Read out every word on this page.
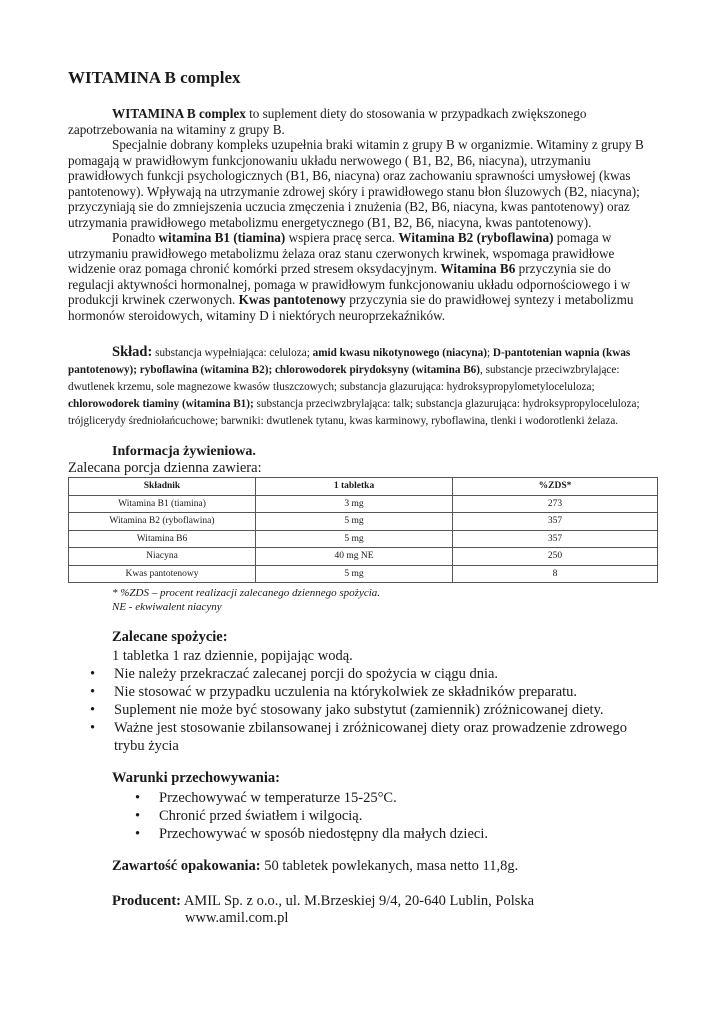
WITAMINA B complex

WITAMINA B complex to suplement diety do stosowania w przypadkach zwiększonego zapotrzebowania na witaminy z grupy B.

Specjalnie dobrany kompleks uzupełnia braki witamin z grupy B w organizmie. Witaminy z grupy B pomagają w prawidłowym funkcjonowaniu układu nerwowego ( B1, B2, B6, niacyna), utrzymaniu prawidłowych funkcji psychologicznych (B1, B6, niacyna) oraz zachowaniu sprawności umysłowej (kwas pantotenowy). Wpływają na utrzymanie zdrowej skóry i prawidłowego stanu błon śluzowych (B2, niacyna); przyczyniają sie do zmniejszenia uczucia zmęczenia i znużenia (B2, B6, niacyna, kwas pantotenowy) oraz utrzymania prawidłowego metabolizmu energetycznego (B1, B2, B6, niacyna, kwas pantotenowy).

Ponadto witamina B1 (tiamina) wspiera pracę serca. Witamina B2 (ryboflawina) pomaga w utrzymaniu prawidłowego metabolizmu żelaza oraz stanu czerwonych krwinek, wspomaga prawidłowe widzenie oraz pomaga chronić komórki przed stresem oksydacyjnym. Witamina B6 przyczynia sie do regulacji aktywności hormonalnej, pomaga w prawidłowym funkcjonowaniu układu odpornościowego i w produkcji krwinek czerwonych. Kwas pantotenowy przyczynia sie do prawidłowej syntezy i metabolizmu hormonów steroidowych, witaminy D i niektórych neuroprzekaźników.

Skład: substancja wypełniająca: celuloza; amid kwasu nikotynowego (niacyna); D-pantotenian wapnia (kwas pantotenowy); ryboflawina (witamina B2); chlorowodorek pirydoksyny (witamina B6), substancje przeciwzbrylające: dwutlenek krzemu, sole magnezowe kwasów tłuszczowych; substancja glazurująca: hydroksypropylometyloceluloza; chlorowodorek tiaminy (witamina B1); substancja przeciwzbrylająca: talk; substancja glazurująca: hydroksypropyloceluloza; trójglicerydy średniołańcuchowe; barwniki: dwutlenek tytanu, kwas karminowy, ryboflawina, tlenki i wodorotlenki żelaza.
Informacja żywieniowa.
Zalecana porcja dzienna zawiera:
Składnik	1 tabletka	%ZDS*
Witamina B1 (tiamina)	3 mg	273
Witamina B2 (ryboflawina)	5 mg	357
Witamina B6	5 mg	357
Niacyna	40 mg NE	250
Kwas pantotenowy	5 mg	8
* %ZDS – procent realizacji zalecanego dziennego spożycia.
NE - ekwiwalent niacyny
Zalecane spożycie:
1 tabletka 1 raz dziennie, popijając wodą.
• Nie należy przekraczać zalecanej porcji do spożycia w ciągu dnia.
• Nie stosować w przypadku uczulenia na którykolwiek ze składników preparatu.
• Suplement nie może być stosowany jako substytut (zamiennik) zróżnicowanej diety.
• Ważne jest stosowanie zbilansowanej i zróżnicowanej diety oraz prowadzenie zdrowego trybu życia
Warunki przechowywania:
• Przechowywać w temperaturze 15-25°C.
• Chronić przed światłem i wilgocią.
• Przechowywać w sposób niedostępny dla małych dzieci.
Zawartość opakowania: 50 tabletek powlekanych, masa netto 11,8g.
Producent: AMIL Sp. z o.o., ul. M.Brzeskiej 9/4, 20-640 Lublin, Polska
www.amil.com.pl
